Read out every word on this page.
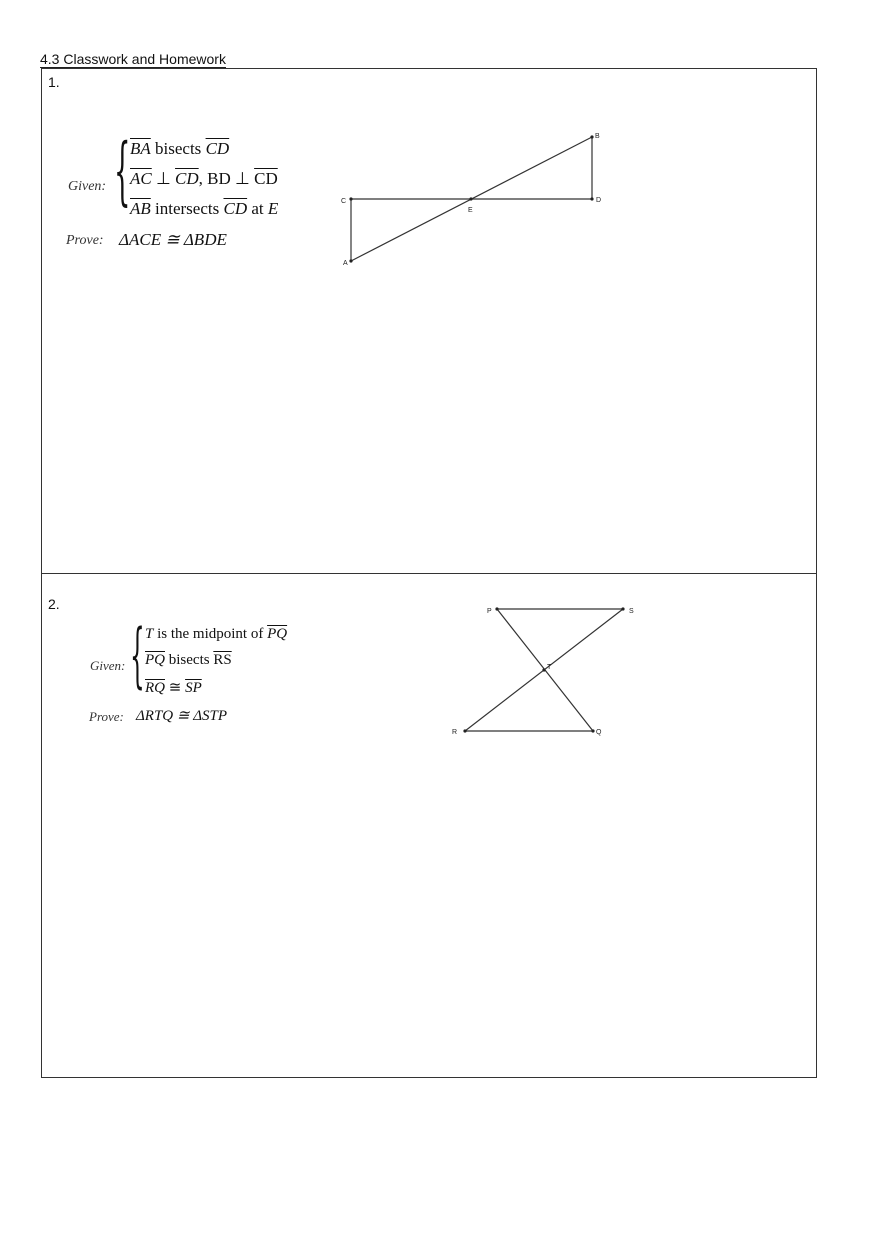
4.3 Classwork and Homework
1.
Given: { $\overline{BA}$ bisects $\overline{CD}$
$\overline{AC}$ ⊥ $\overline{CD}$, BD ⊥ $\overline{CD}$
$\overline{AB}$ intersects $\overline{CD}$ at E
Prove: ΔACE ≅ ΔBDE
C	D
B
A
E
2.
Given: { T is the midpoint of $\overline{PQ}$
$\overline{PQ}$ bisects $\overline{RS}$
$\overline{RQ}$ ≅ $\overline{SP}$
Prove: ΔRTQ ≅ ΔSTP
P	S
T
R	Q
